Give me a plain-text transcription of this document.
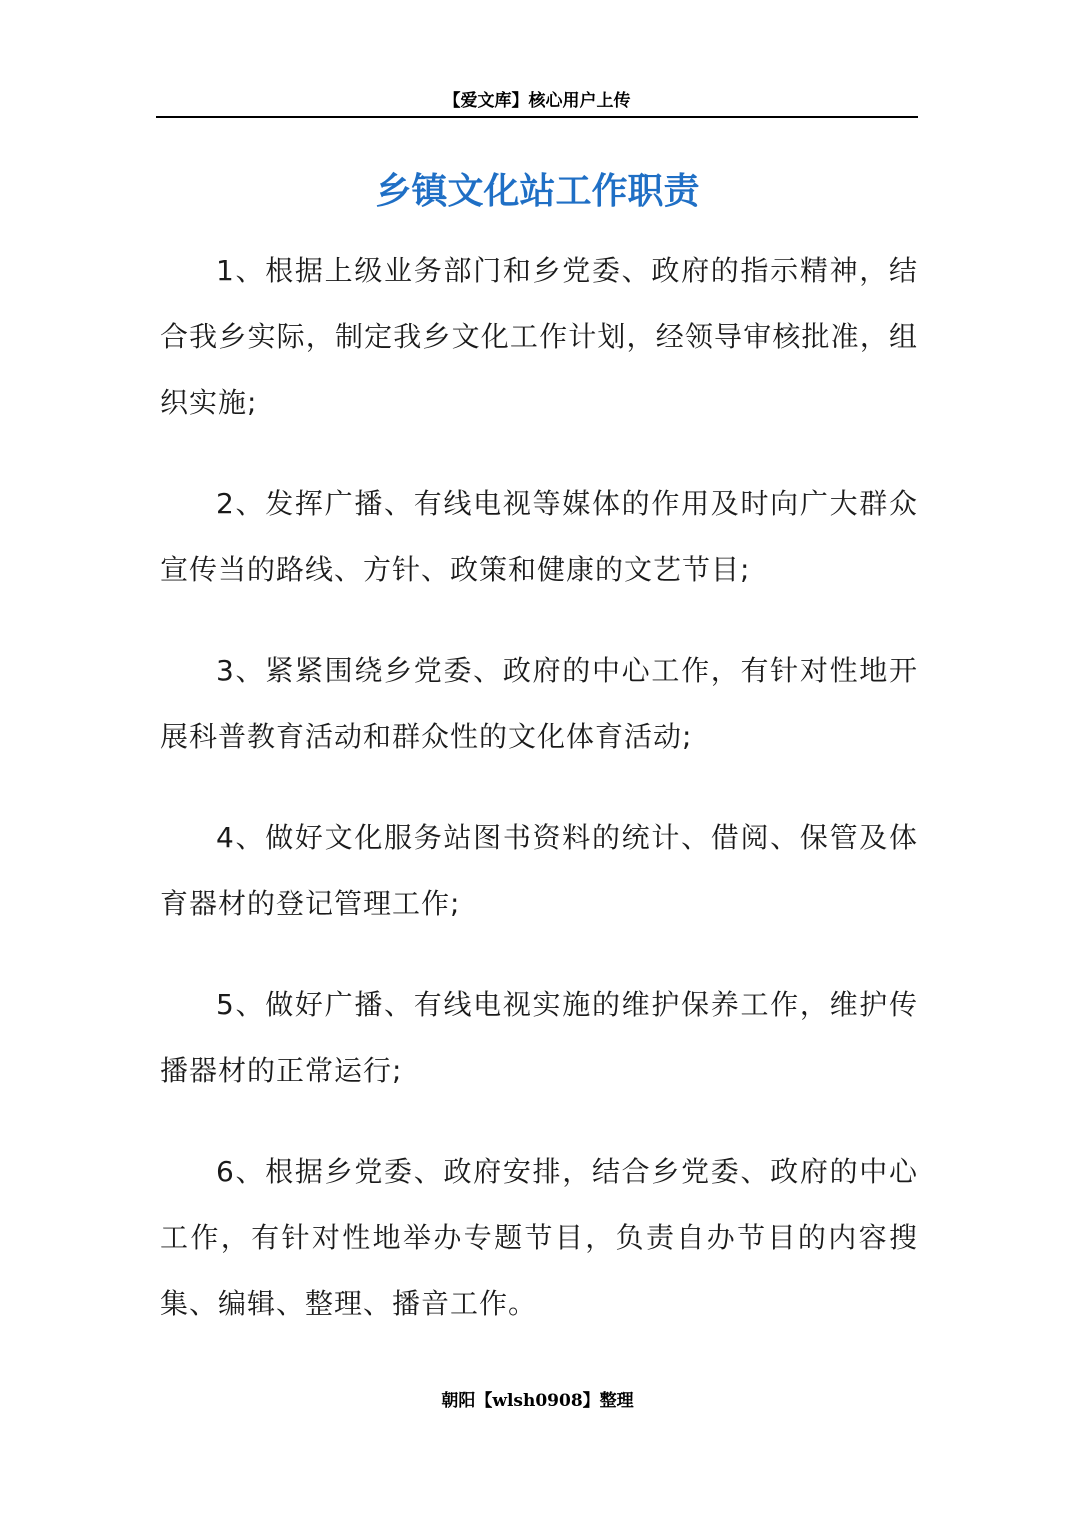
【爱文库】核心用户上传
乡镇文化站工作职责

1、根据上级业务部门和乡党委、政府的指示精神，结合我乡实际，制定我乡文化工作计划，经领导审核批准，组织实施;

2、发挥广播、有线电视等媒体的作用及时向广大群众宣传当的路线、方针、政策和健康的文艺节目;

3、紧紧围绕乡党委、政府的中心工作，有针对性地开展科普教育活动和群众性的文化体育活动;

4、做好文化服务站图书资料的统计、借阅、保管及体育器材的登记管理工作;

5、做好广播、有线电视实施的维护保养工作，维护传播器材的正常运行;

6、根据乡党委、政府安排，结合乡党委、政府的中心工作，有针对性地举办专题节目，负责自办节目的内容搜集、编辑、整理、播音工作。

朝阳【wlsh0908】整理
